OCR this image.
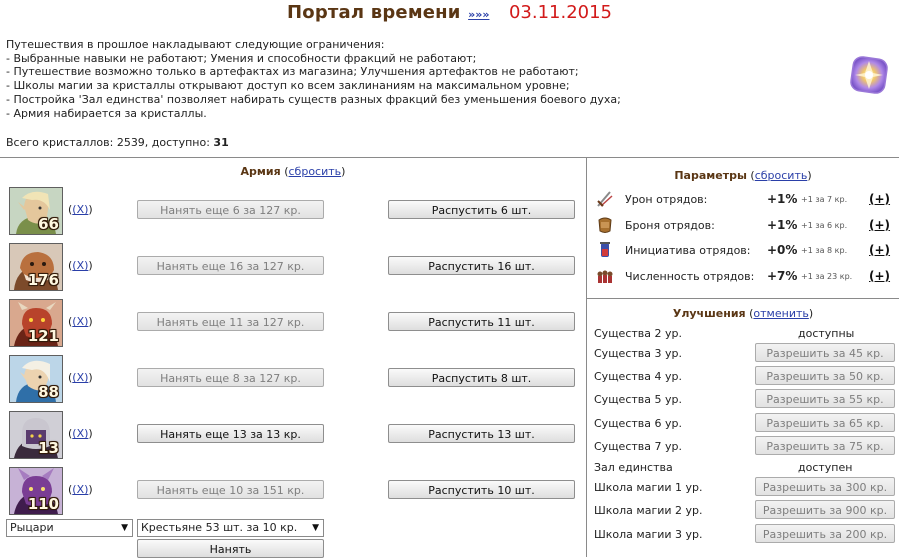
Портал времени »»» 03.11.2015
Путешествия в прошлое накладывают следующие ограничения:
- Выбранные навыки не работают; Умения и способности фракций не работают;
- Путешествие возможно только в артефактах из магазина; Улучшения артефактов не работают;
- Школы магии за кристаллы открывают доступ ко всем заклинаниям на максимальном уровне;
- Постройка 'Зал единства' позволяет набирать существ разных фракций без уменьшения боевого духа;
- Армия набирается за кристаллы.
Всего кристаллов: 2539, доступно: 31
Армия (сбросить)
66
((X))	Нанять еще 6 за 127 кр.	Распустить 6 шт.
176
((X))	Нанять еще 16 за 127 кр.	Распустить 16 шт.
121
((X))	Нанять еще 11 за 127 кр.	Распустить 11 шт.
88
((X))	Нанять еще 8 за 127 кр.	Распустить 8 шт.
13
((X))	Нанять еще 13 за 13 кр.	Распустить 13 шт.
110
((X))	Нанять еще 10 за 151 кр.	Распустить 10 шт.
Рыцари	▼	Крестьяне 53 шт. за 10 кр. ▼
Нанять
Параметры (сбросить)
Урон отрядов:	+1% +1 за 7 кр. (+)
Броня отрядов:	+1% +1 за 6 кр. (+)
Инициатива отрядов: +0% +1 за 8 кр. (+)
Численность отрядов: +7% +1 за 23 кр. (+)
Улучшения (отменить)
Существа 2 ур.	доступны
Существа 3 ур.	Разрешить за 45 кр.
Существа 4 ур.	Разрешить за 50 кр.
Существа 5 ур.	Разрешить за 55 кр.
Существа 6 ур.	Разрешить за 65 кр.
Существа 7 ур.	Разрешить за 75 кр.
Зал единства	доступен
Школа магии 1 ур.	Разрешить за 300 кр.
Школа магии 2 ур.	Разрешить за 900 кр.
Школа магии 3 ур.	Разрешить за 200 кр.
